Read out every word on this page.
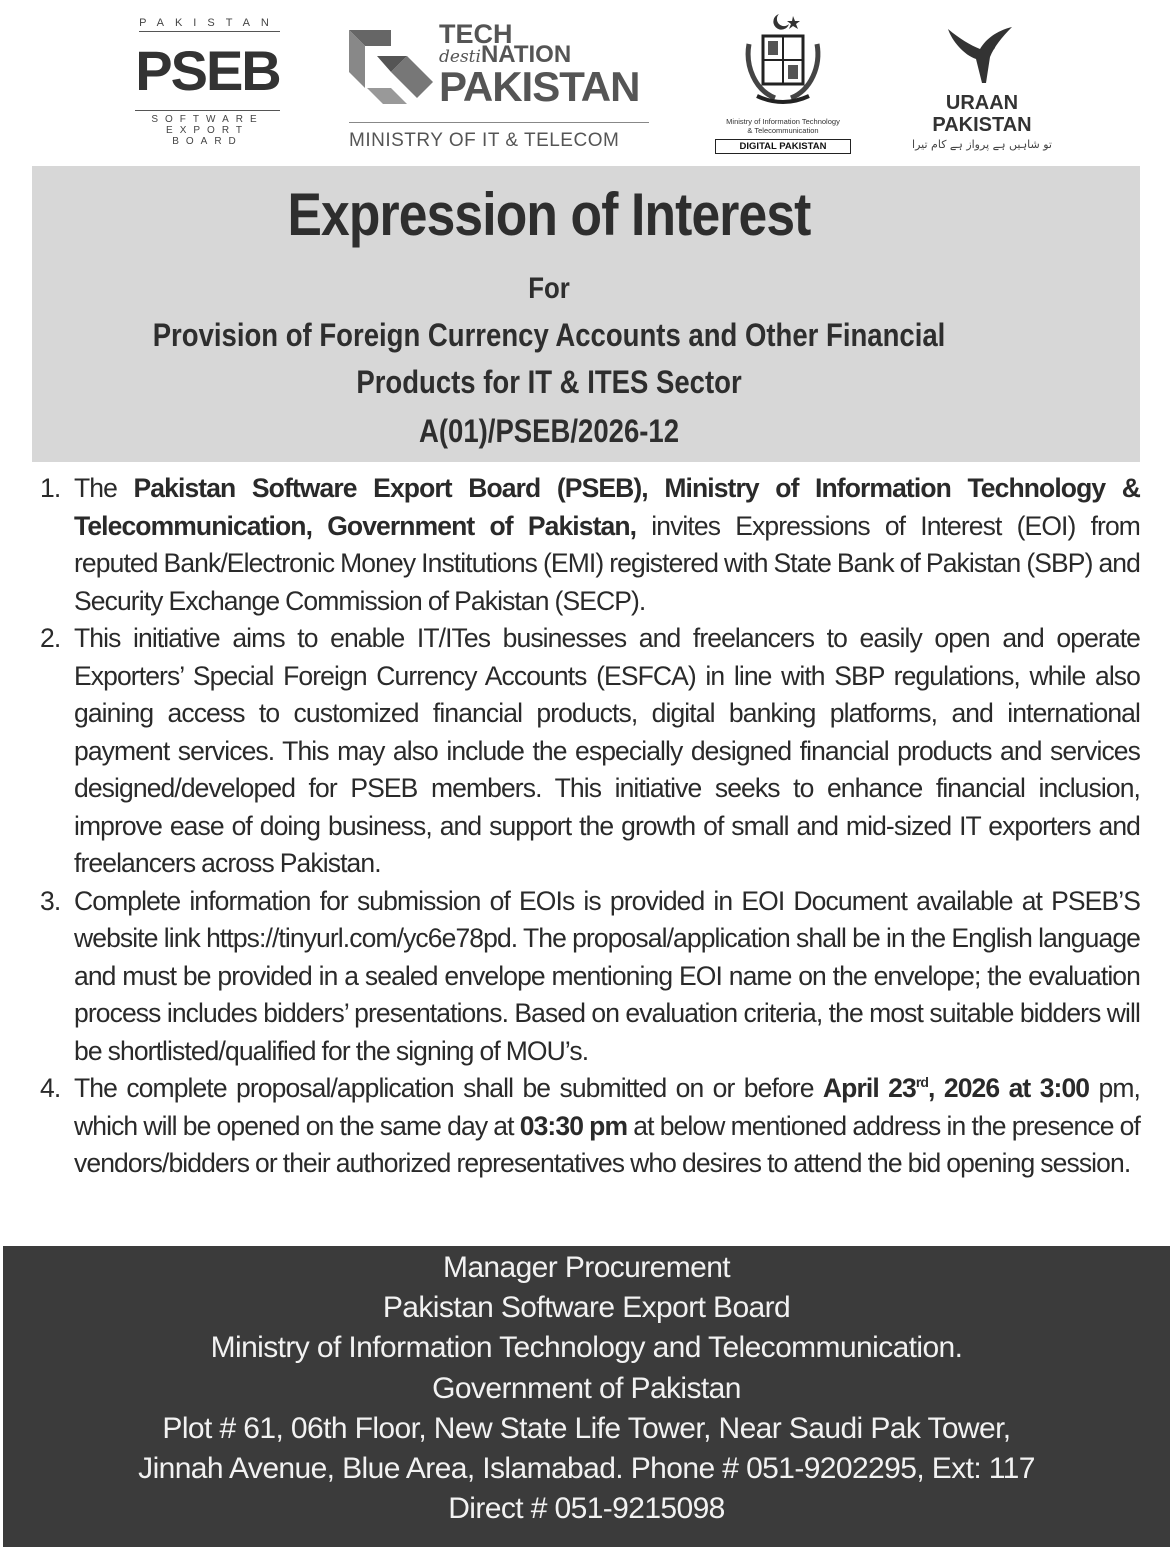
PAKISTAN
PSEB
SOFTWARE
EXPORT BOARD
TECH
destiNATION
PAKISTAN
MINISTRY OF IT & TELECOM
Ministry of Information Technology
& Telecommunication
DIGITAL PAKISTAN
URAAN
PAKISTAN
تو شاہیں ہے پرواز ہے کام تیرا
Expression of Interest
For
Provision of Foreign Currency Accounts and Other Financial
Products for IT & ITES Sector
A(01)/PSEB/2026-12
1. The Pakistan Software Export Board (PSEB), Ministry of Information Technology & Telecommunication, Government of Pakistan, invites Expressions of Interest (EOI) from reputed Bank/Electronic Money Institutions (EMI) registered with State Bank of Pakistan (SBP) and Security Exchange Commission of Pakistan (SECP).
2. This initiative aims to enable IT/ITes businesses and freelancers to easily open and operate Exporters’ Special Foreign Currency Accounts (ESFCA) in line with SBP regulations, while also gaining access to customized financial products, digital banking platforms, and international payment services. This may also include the especially designed financial products and services designed/developed for PSEB members. This initiative seeks to enhance financial inclusion, improve ease of doing business, and support the growth of small and mid-sized IT exporters and freelancers across Pakistan.
3. Complete information for submission of EOIs is provided in EOI Document available at PSEB’S website link https://tinyurl.com/yc6e78pd. The proposal/application shall be in the English language and must be provided in a sealed envelope mentioning EOI name on the envelope; the evaluation process includes bidders’ presentations. Based on evaluation criteria, the most suitable bidders will be shortlisted/qualified for the signing of MOU’s.
4. The complete proposal/application shall be submitted on or before April 23rd, 2026 at 3:00 pm, which will be opened on the same day at 03:30 pm at below mentioned address in the presence of vendors/bidders or their authorized representatives who desires to attend the bid opening session.
Manager Procurement
Pakistan Software Export Board
Ministry of Information Technology and Telecommunication.
Government of Pakistan
Plot # 61, 06th Floor, New State Life Tower, Near Saudi Pak Tower,
Jinnah Avenue, Blue Area, Islamabad. Phone # 051-9202295, Ext: 117
Direct # 051-9215098
